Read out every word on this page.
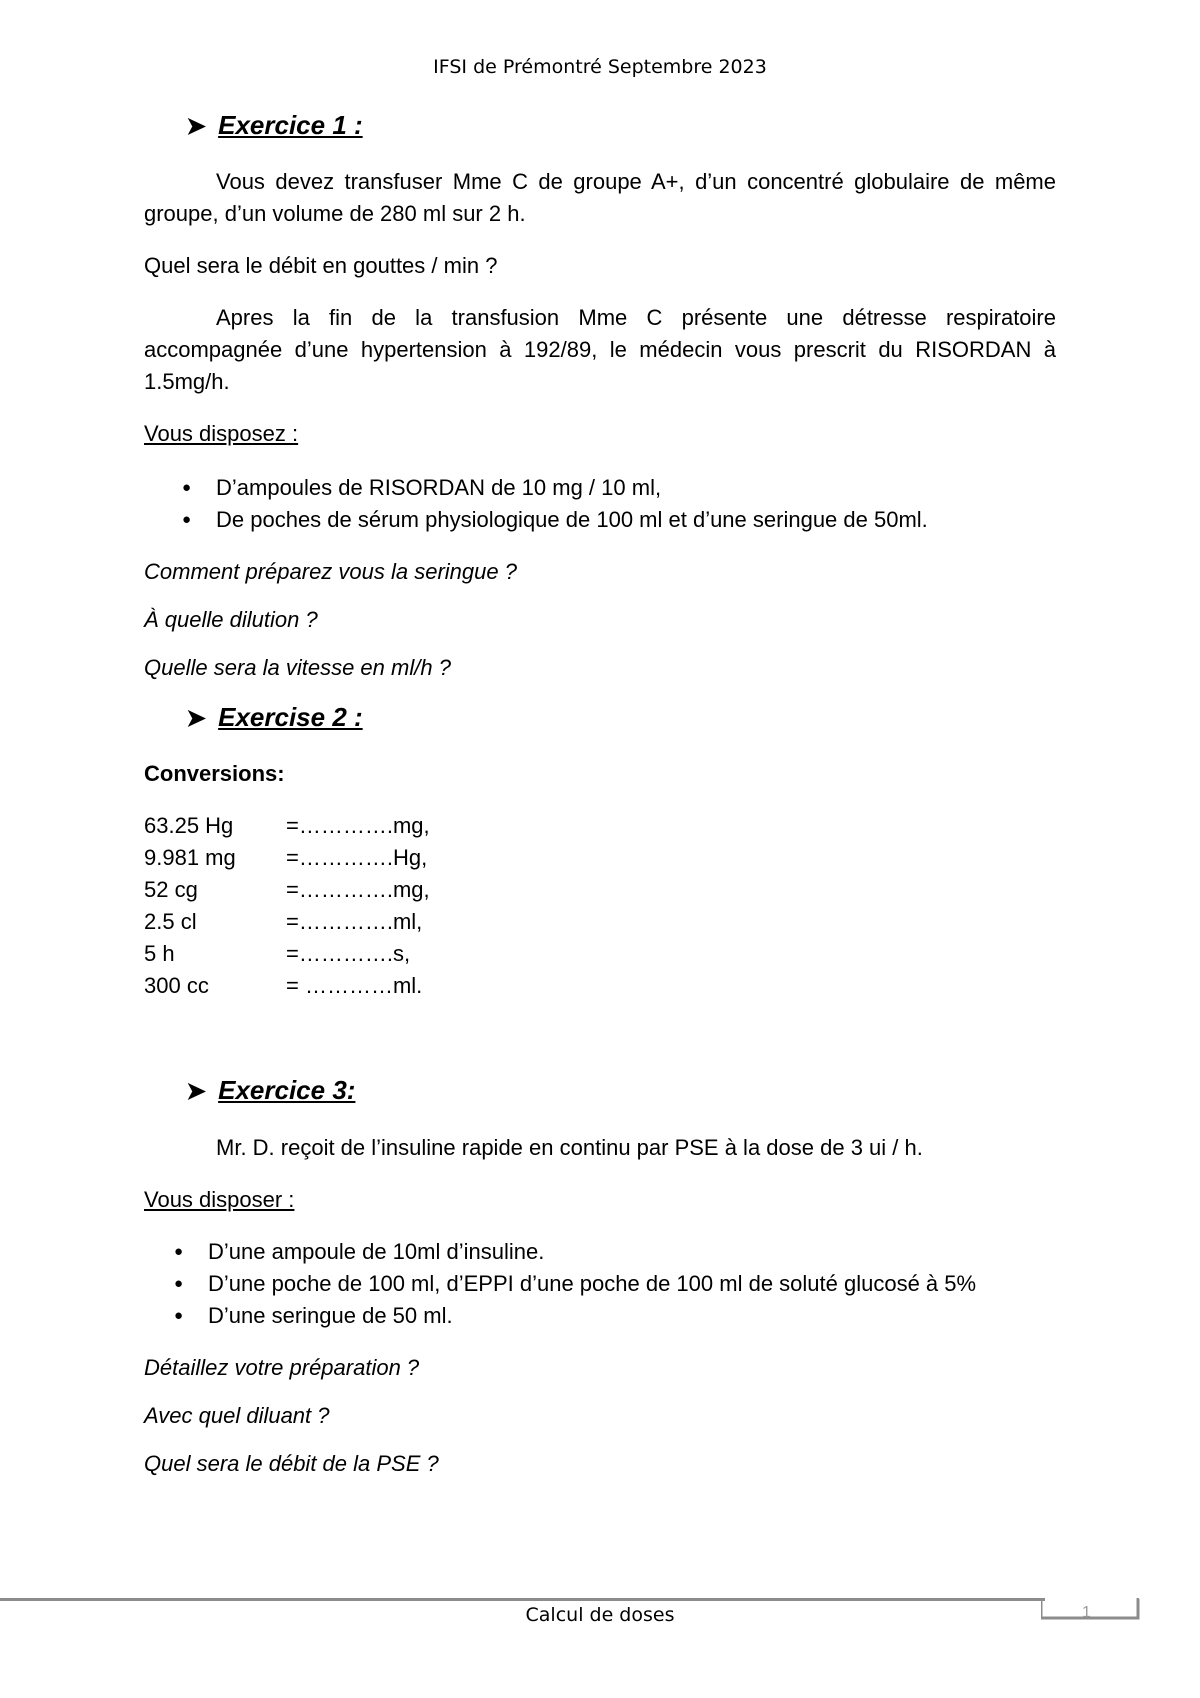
IFSI de Prémontré Septembre 2023
➤ Exercice 1 :
Vous devez transfuser Mme C de groupe A+, d’un concentré globulaire de même groupe, d’un volume de 280 ml sur 2 h.
Quel sera le débit en gouttes / min ?
Apres la fin de la transfusion Mme C présente une détresse respiratoire accompagnée d’une hypertension à 192/89, le médecin vous prescrit du RISORDAN à 1.5mg/h.
Vous disposez :
● D’ampoules de RISORDAN de 10 mg / 10 ml,
● De poches de sérum physiologique de 100 ml et d’une seringue de 50ml.
Comment préparez vous la seringue ?
À quelle dilution ?
Quelle sera la vitesse en ml/h ?
➤ Exercise 2 :
Conversions:
63.25 Hg =………….mg,
9.981 mg =………….Hg,
52 cg	=………….mg,
2.5 cl	=………….ml,
5 h	=………….s,
300 cc	= …………ml.
➤ Exercice 3:
Mr. D. reçoit de l’insuline rapide en continu par PSE à la dose de 3 ui / h.
Vous disposer :
● D’une ampoule de 10ml d’insuline.
● D’une poche de 100 ml, d’EPPI d’une poche de 100 ml de soluté glucosé à 5%
● D’une seringue de 50 ml.
Détaillez votre préparation ?
Avec quel diluant ?
Quel sera le débit de la PSE ?
Calcul de doses	1
